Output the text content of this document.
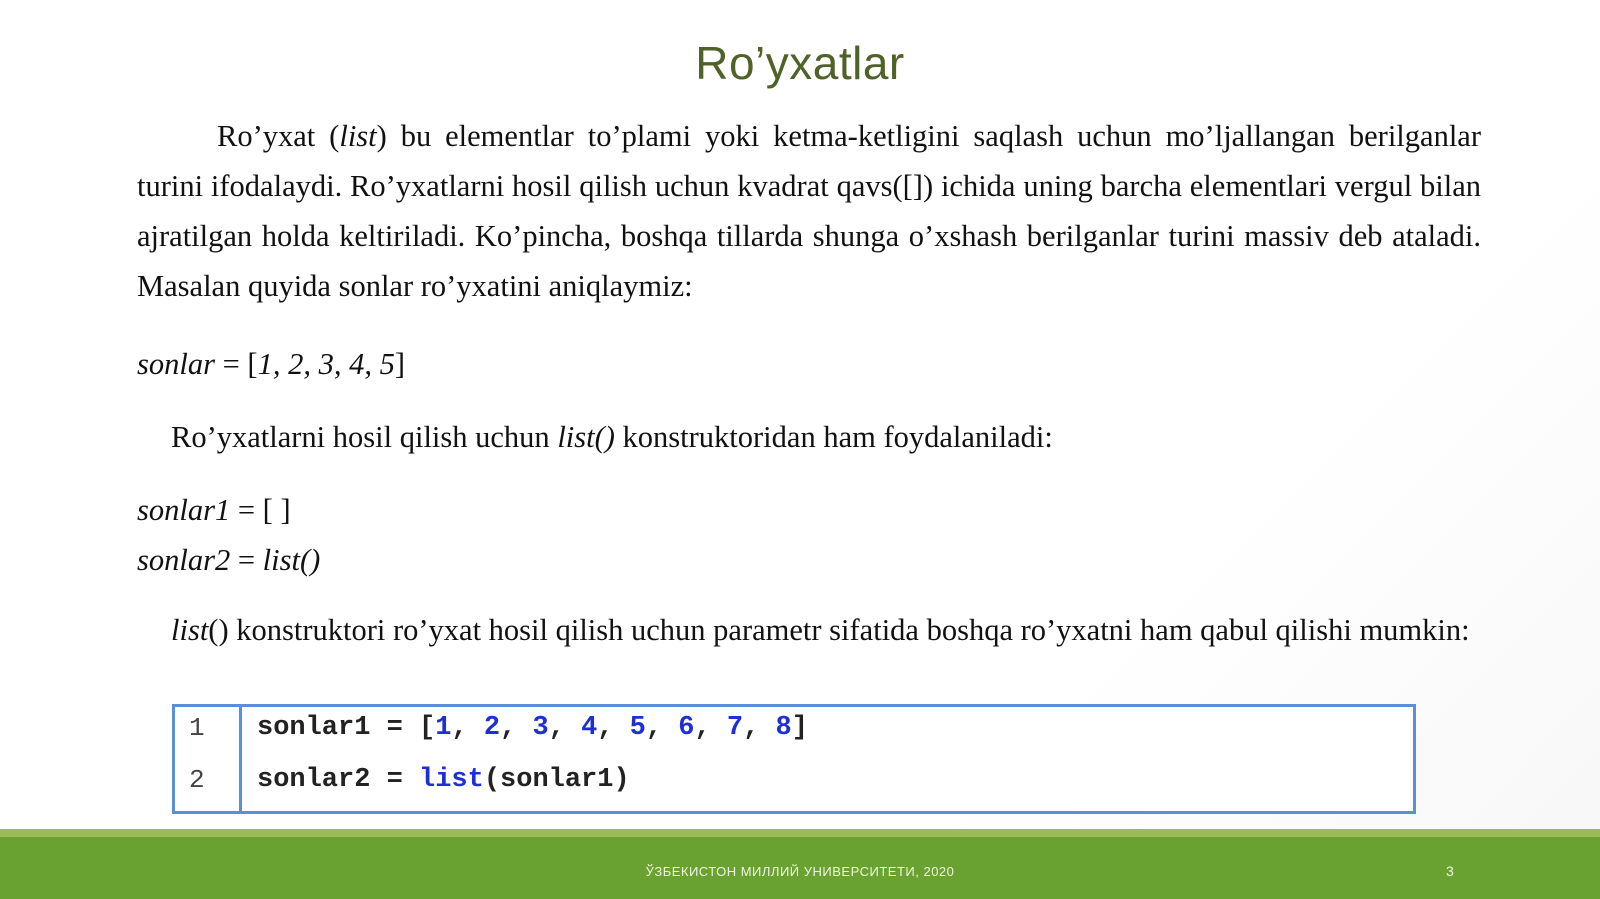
Ro’yxatlar

Ro’yxat (list) bu elementlar to’plami yoki ketma-ketligini saqlash uchun mo’ljallangan berilganlar turini ifodalaydi. Ro’yxatlarni hosil qilish uchun kvadrat qavs([]) ichida uning barcha elementlari vergul bilan ajratilgan holda keltiriladi. Ko’pincha, boshqa tillarda shunga o’xshash berilganlar turini massiv deb ataladi. Masalan quyida sonlar ro’yxatini aniqlaymiz:

sonlar = [1, 2, 3, 4, 5]

Ro’yxatlarni hosil qilish uchun list() konstruktoridan ham foydalaniladi:

sonlar1 = [ ]
sonlar2 = list()

list() konstruktori ro’yxat hosil qilish uchun parametr sifatida boshqa ro’yxatni ham qabul qilishi mumkin:

1
2
sonlar1 = [1, 2, 3, 4, 5, 6, 7, 8]
sonlar2 = list(sonlar1)
ЎЗБЕКИСТОН МИЛЛИЙ УНИВЕРСИТЕТИ, 2020	3
